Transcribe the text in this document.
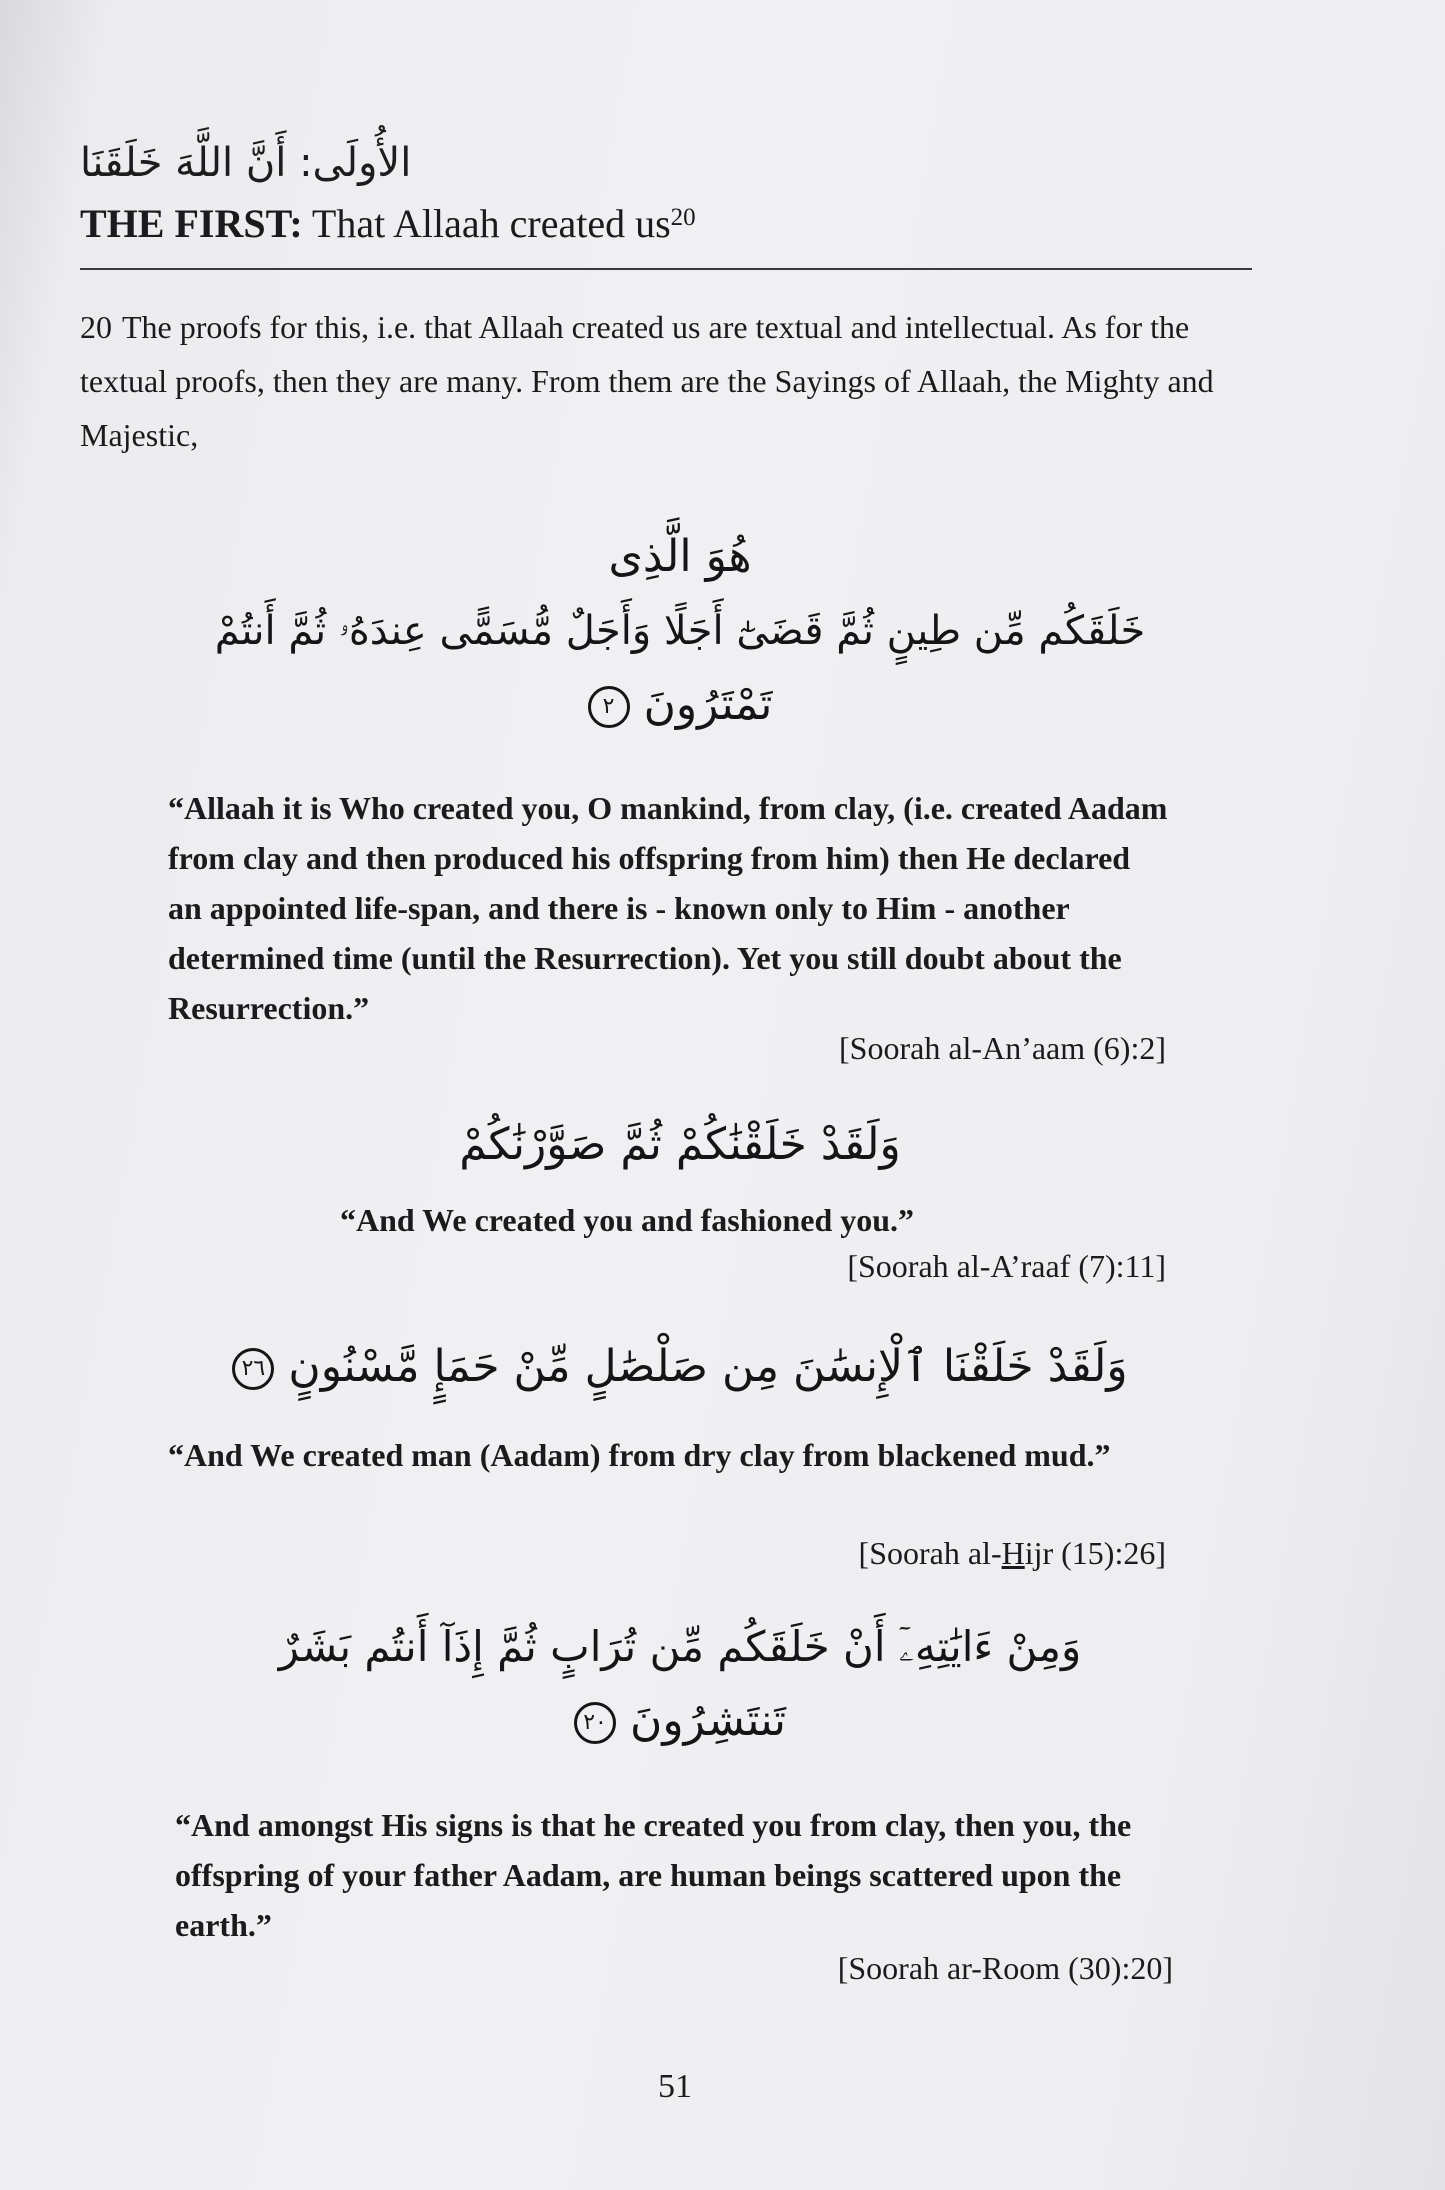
الأُولَى: أَنَّ اللَّهَ خَلَقَنَا
THE FIRST: That Allaah created $us^{20}$
20 The proofs for this, i.e. that Allaah created us are textual and intellectual. As for the textual proofs, then they are many. From them are the Sayings of Allaah, the Mighty and Majestic,
هُوَ الَّذِى
خَلَقَكُم مِّن طِينٍ ثُمَّ قَضَىٰٓ أَجَلًا وَأَجَلٌ مُّسَمًّى عِندَهُۥ ثُمَّ أَنتُمْ
تَمْتَرُونَ ٢
“Allaah it is Who created you, O mankind, from clay, (i.e. created Aadam from clay and then produced his offspring from him) then He declared an appointed life-span, and there is - known only to Him - another determined time (until the Resurrection). Yet you still doubt about the Resurrection.”
[Soorah al-An’aam (6):2]
وَلَقَدْ خَلَقْنَٰكُمْ ثُمَّ صَوَّرْنَٰكُمْ
“And We created you and fashioned you.”
[Soorah al-A’raaf (7):11]
وَلَقَدْ خَلَقْنَا ٱلْإِنسَٰنَ مِن صَلْصَٰلٍ مِّنْ حَمَإٍ مَّسْنُونٍ ٢٦
“And We created man (Aadam) from dry clay from blackened mud.”
[Soorah al-Hijr (15):26]
وَمِنْ ءَايَٰتِهِۦٓ أَنْ خَلَقَكُم مِّن تُرَابٍ ثُمَّ إِذَآ أَنتُم بَشَرٌ
تَنتَشِرُونَ ٢٠
“And amongst His signs is that he created you from clay, then you, the offspring of your father Aadam, are human beings scattered upon the earth.”
[Soorah ar-Room (30):20]
51
